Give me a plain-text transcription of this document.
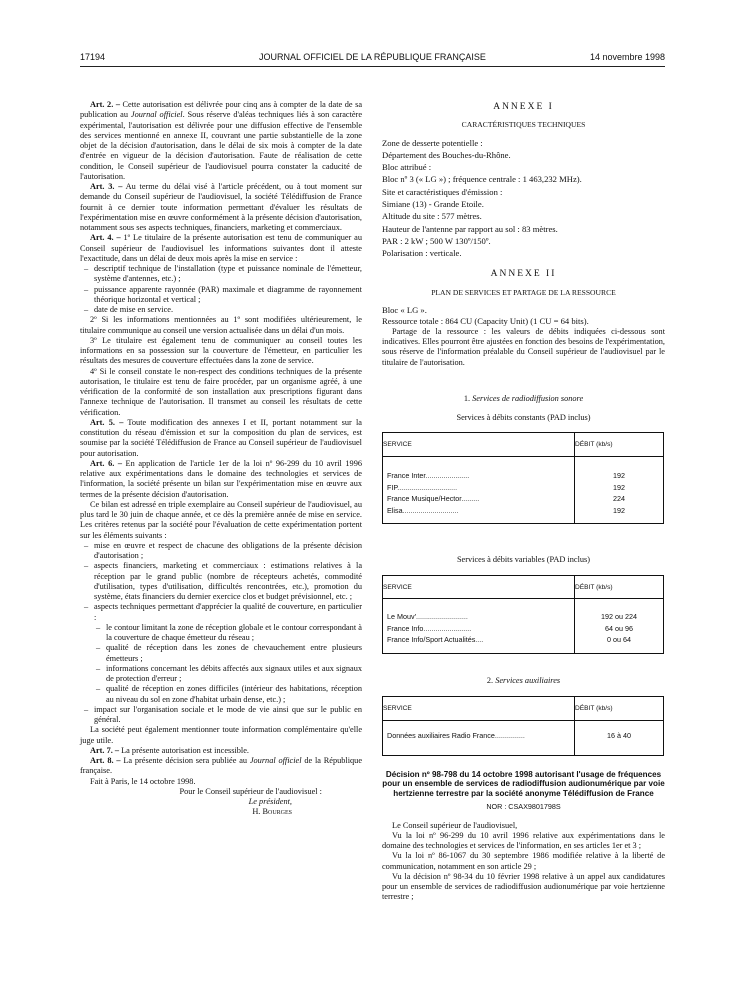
17194	JOURNAL OFFICIEL DE LA RÉPUBLIQUE FRANÇAISE	14 novembre 1998

Art. 2. – Cette autorisation est délivrée pour cinq ans à compter de la date de sa publication au Journal officiel. Sous réserve d'aléas techniques liés à son caractère expérimental, l'autorisation est délivrée pour une diffusion effective de l'ensemble des services mentionné en annexe II, couvrant une partie substantielle de la zone objet de la décision d'autorisation, dans le délai de six mois à compter de la date d'entrée en vigueur de la décision d'autorisation. Faute de réalisation de cette condition, le Conseil supérieur de l'audiovisuel pourra constater la caducité de l'autorisation.

Art. 3. – Au terme du délai visé à l'article précédent, ou à tout moment sur demande du Conseil supérieur de l'audiovisuel, la société Télédiffusion de France fournit à ce dernier toute information permettant d'évaluer les résultats de l'expérimentation mise en œuvre conformément à la présente décision d'autorisation, notamment sous ses aspects techniques, financiers, marketing et commerciaux.

Art. 4. – 1º Le titulaire de la présente autorisation est tenu de communiquer au Conseil supérieur de l'audiovisuel les informations suivantes dont il atteste l'exactitude, dans un délai de deux mois après la mise en service :

– descriptif technique de l'installation (type et puissance nominale de l'émetteur, système d'antennes, etc.) ;
– puissance apparente rayonnée (PAR) maximale et diagramme de rayonnement théorique horizontal et vertical ;
– date de mise en service.

2º Si les informations mentionnées au 1º sont modifiées ultérieurement, le titulaire communique au conseil une version actualisée dans un délai d'un mois.

3º Le titulaire est également tenu de communiquer au conseil toutes les informations en sa possession sur la couverture de l'émetteur, en particulier les résultats des mesures de couverture effectuées dans la zone de service.

4º Si le conseil constate le non-respect des conditions techniques de la présente autorisation, le titulaire est tenu de faire procéder, par un organisme agréé, à une vérification de la conformité de son installation aux prescriptions figurant dans l'annexe technique de l'autorisation. Il transmet au conseil les résultats de cette vérification.

Art. 5. – Toute modification des annexes I et II, portant notamment sur la constitution du réseau d'émission et sur la composition du plan de services, est soumise par la société Télédiffusion de France au Conseil supérieur de l'audiovisuel pour autorisation.

Art. 6. – En application de l'article 1er de la loi nº 96-299 du 10 avril 1996 relative aux expérimentations dans le domaine des technologies et services de l'information, la société présente un bilan sur l'expérimentation mise en œuvre aux termes de la présente décision d'autorisation.

Ce bilan est adressé en triple exemplaire au Conseil supérieur de l'audiovisuel, au plus tard le 30 juin de chaque année, et ce dès la première année de mise en service. Les critères retenus par la société pour l'évaluation de cette expérimentation portent sur les éléments suivants :

– mise en œuvre et respect de chacune des obligations de la présente décision d'autorisation ;
– aspects financiers, marketing et commerciaux : estimations relatives à la réception par le grand public (nombre de récepteurs achetés, commodité d'utilisation, types d'utilisation, difficultés rencontrées, etc.), promotion du système, états financiers du dernier exercice clos et budget prévisionnel, etc. ;
– aspects techniques permettant d'apprécier la qualité de couverture, en particulier :
– le contour limitant la zone de réception globale et le contour correspondant à la couverture de chaque émetteur du réseau ;
– qualité de réception dans les zones de chevauchement entre plusieurs émetteurs ;
– informations concernant les débits affectés aux signaux utiles et aux signaux de protection d'erreur ;
– qualité de réception en zones difficiles (intérieur des habitations, réception au niveau du sol en zone d'habitat urbain dense, etc.) ;
– impact sur l'organisation sociale et le mode de vie ainsi que sur le public en général.

La société peut également mentionner toute information complémentaire qu'elle juge utile.

Art. 7. – La présente autorisation est incessible.

Art. 8. – La présente décision sera publiée au Journal officiel de la République française.

Fait à Paris, le 14 octobre 1998.

Pour le Conseil supérieur de l'audiovisuel :
Le président,
H. Bourges
ANNEXE I
CARACTÉRISTIQUES TECHNIQUES
Zone de desserte potentielle :
Département des Bouches-du-Rhône.
Bloc attribué :
Bloc nº 3 (« LG ») ; fréquence centrale : 1 463,232 MHz).
Site et caractéristiques d'émission :
Simiane (13) - Grande Etoile.
Altitude du site : 577 mètres.
Hauteur de l'antenne par rapport au sol : 83 mètres.
PAR : 2 kW ; 500 W 130º/150º.
Polarisation : verticale.
ANNEXE II
PLAN DE SERVICES ET PARTAGE DE LA RESSOURCE
Bloc « LG ».
Ressource totale : 864 CU (Capacity Unit) (1 CU = 64 bits).

Partage de la ressource : les valeurs de débits indiquées ci-dessous sont indicatives. Elles pourront être ajustées en fonction des besoins de l'expérimentation, sous réserve de l'information préalable du Conseil supérieur de l'audiovisuel par le titulaire de l'autorisation.

1. Services de radiodiffusion sonore
Services à débits constants (PAD inclus)
SERVICE	DÉBIT (kb/s)
France Inter......................	192
FIP..............................	192
France Musique/Hector.........	224
Elisa............................	192
Services à débits variables (PAD inclus)
SERVICE	DÉBIT (kb/s)
Le Mouv'..........................	192 ou 224
France Info........................	64 ou 96
France Info/Sport Actualités....	0 ou 64
2. Services auxiliaires
SERVICE	DÉBIT (kb/s)
Données auxiliaires Radio France...............	16 à 40
Décision nº 98-798 du 14 octobre 1998 autorisant l'usage de fréquences pour un ensemble de services de radiodiffusion audionumérique par voie hertzienne terrestre par la société anonyme Télédiffusion de France
NOR : CSAX9801798S

Le Conseil supérieur de l'audiovisuel,

Vu la loi nº 96-299 du 10 avril 1996 relative aux expérimentations dans le domaine des technologies et services de l'information, en ses articles 1er et 3 ;

Vu la loi nº 86-1067 du 30 septembre 1986 modifiée relative à la liberté de communication, notamment en son article 29 ;

Vu la décision nº 98-34 du 10 février 1998 relative à un appel aux candidatures pour un ensemble de services de radiodiffusion audionumérique par voie hertzienne terrestre ;
